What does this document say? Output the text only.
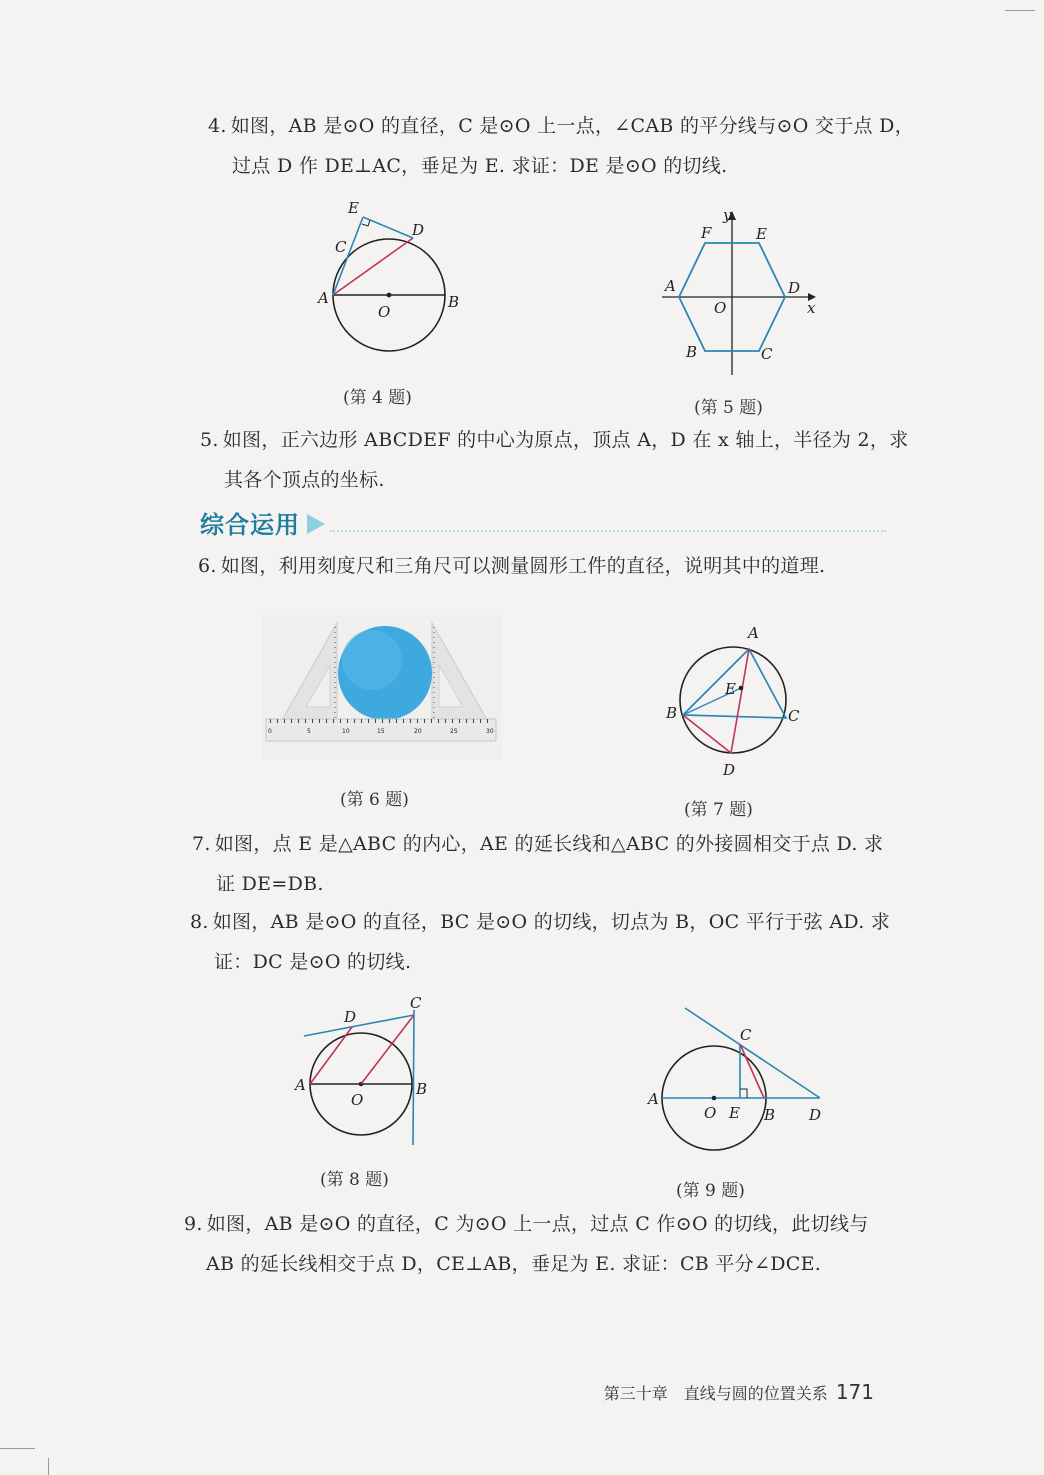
4. 如图，AB 是⊙O 的直径，C 是⊙O 上一点，∠CAB 的平分线与⊙O 交于点 D，
过点 D 作 DE⊥AC，垂足为 E. 求证：DE 是⊙O 的切线.
E
C
D
A
O
B
(第 4 题)
y
F	E
A	D
O	x
B	C
(第 5 题)
5. 如图，正六边形 ABCDEF 的中心为原点，顶点 A，D 在 x 轴上，半径为 2，求
其各个顶点的坐标.
综合运用
6. 如图，利用刻度尺和三角尺可以测量圆形工件的直径，说明其中的道理.
0	5	10	15	20	25	30
(第 6 题)
A
E
B	C
D
(第 7 题)
7. 如图，点 E 是△ABC 的内心，AE 的延长线和△ABC 的外接圆相交于点 D. 求
证 DE=DB.
8. 如图，AB 是⊙O 的直径，BC 是⊙O 的切线，切点为 B，OC 平行于弦 AD. 求
证：DC 是⊙O 的切线.
D
C
A
O
B
(第 8 题)
C
A
O E B D
(第 9 题)
9. 如图，AB 是⊙O 的直径，C 为⊙O 上一点，过点 C 作⊙O 的切线，此切线与
AB 的延长线相交于点 D，CE⊥AB，垂足为 E. 求证：CB 平分∠DCE.
第三十章　直线与圆的位置关系 171
